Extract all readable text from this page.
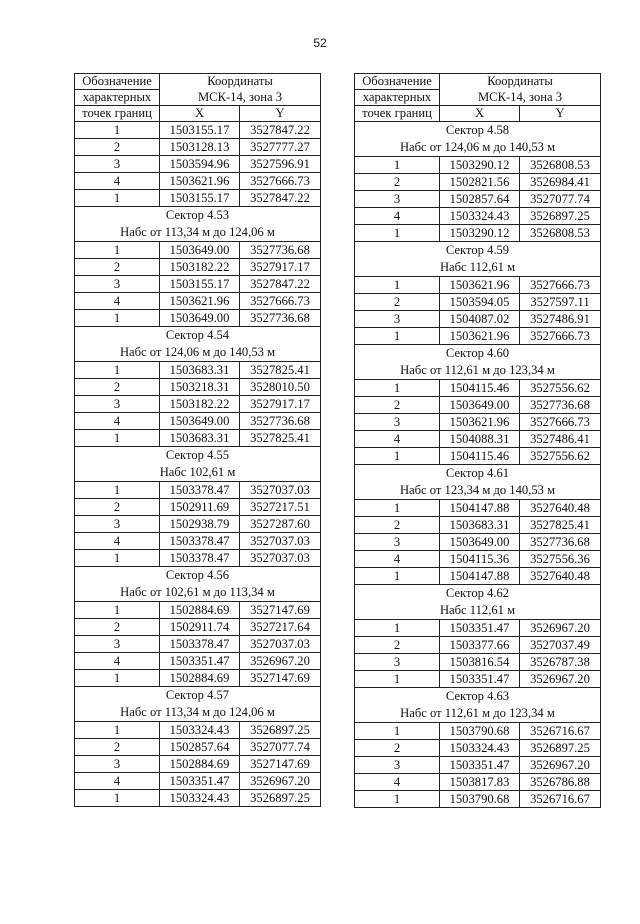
52
Обозначение	Координаты	
характерных	МСК-14, зона 3	
точек границ	X	Y
1	1503155.17	3527847.22
2	1503128.13	3527777.27
3	1503594.96	3527596.91
4	1503621.96	3527666.73
1	1503155.17	3527847.22
Сектор 4.53		
Набс от 113,34 м до 124,06 м		
1	1503649.00	3527736.68
2	1503182.22	3527917.17
3	1503155.17	3527847.22
4	1503621.96	3527666.73
1	1503649.00	3527736.68
Сектор 4.54		
Набс от 124,06 м до 140,53 м		
1	1503683.31	3527825.41
2	1503218.31	3528010.50
3	1503182.22	3527917.17
4	1503649.00	3527736.68
1	1503683.31	3527825.41
Сектор 4.55		
Набс 102,61 м		
1	1503378.47	3527037.03
2	1502911.69	3527217.51
3	1502938.79	3527287.60
4	1503378.47	3527037.03
1	1503378.47	3527037.03
Сектор 4.56		
Набс от 102,61 м до 113,34 м		
1	1502884.69	3527147.69
2	1502911.74	3527217.64
3	1503378.47	3527037.03
4	1503351.47	3526967.20
1	1502884.69	3527147.69
Сектор 4.57		
Набс от 113,34 м до 124,06 м		
1	1503324.43	3526897.25
2	1502857.64	3527077.74
3	1502884.69	3527147.69
4	1503351.47	3526967.20
1	1503324.43	3526897.25
Обозначение	Координаты	
характерных	МСК-14, зона 3	
точек границ	X	Y
Сектор 4.58		
Набс от 124,06 м до 140,53 м		
1	1503290.12	3526808.53
2	1502821.56	3526984.41
3	1502857.64	3527077.74
4	1503324.43	3526897.25
1	1503290.12	3526808.53
Сектор 4.59		
Набс 112,61 м		
1	1503621.96	3527666.73
2	1503594.05	3527597.11
3	1504087.02	3527486.91
1	1503621.96	3527666.73
Сектор 4.60		
Набс от 112,61 м до 123,34 м		
1	1504115.46	3527556.62
2	1503649.00	3527736.68
3	1503621.96	3527666.73
4	1504088.31	3527486.41
1	1504115.46	3527556.62
Сектор 4.61		
Набс от 123,34 м до 140,53 м		
1	1504147.88	3527640.48
2	1503683.31	3527825.41
3	1503649.00	3527736.68
4	1504115.36	3527556.36
1	1504147.88	3527640.48
Сектор 4.62		
Набс 112,61 м		
1	1503351.47	3526967.20
2	1503377.66	3527037.49
3	1503816.54	3526787.38
1	1503351.47	3526967.20
Сектор 4.63		
Набс от 112,61 м до 123,34 м		
1	1503790.68	3526716.67
2	1503324.43	3526897.25
3	1503351.47	3526967.20
4	1503817.83	3526786.88
1	1503790.68	3526716.67
